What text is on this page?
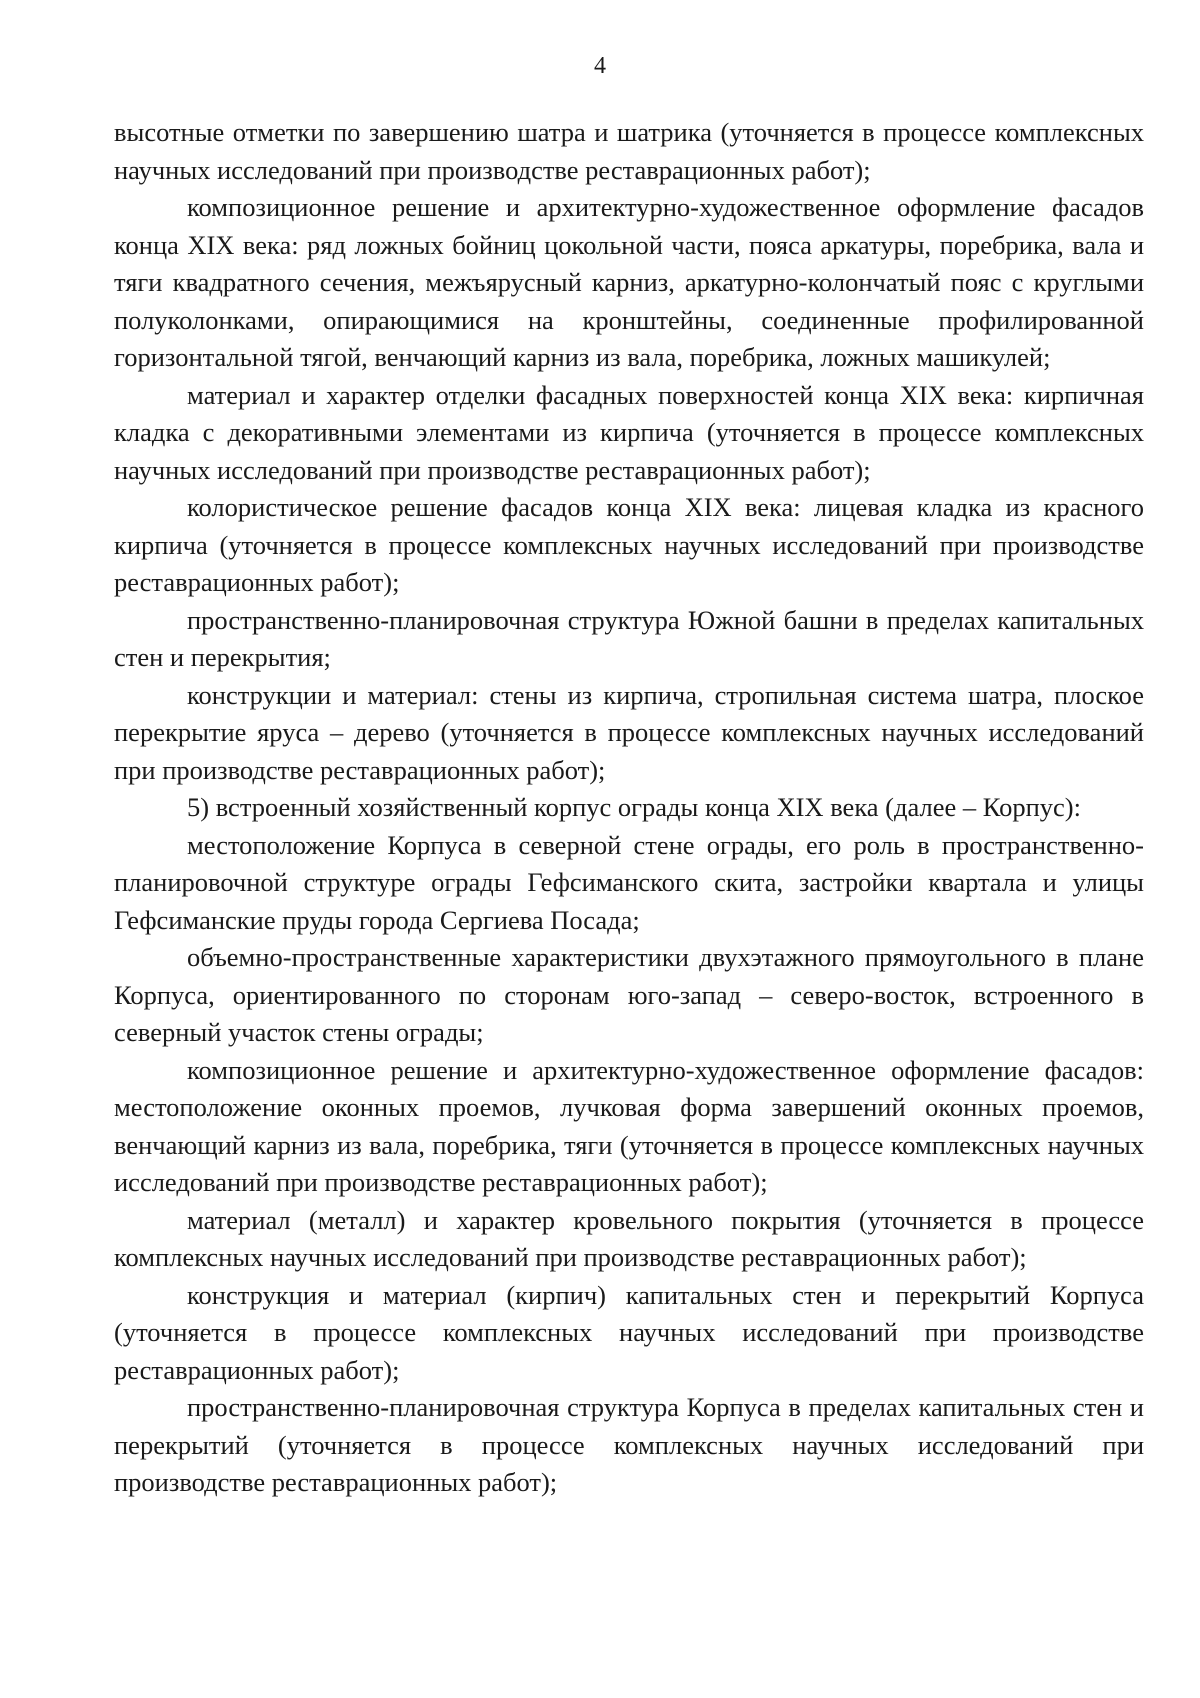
4

высотные отметки по завершению шатра и шатрика (уточняется в процессе комплексных научных исследований при производстве реставрационных работ);

композиционное решение и архитектурно-художественное оформление фасадов конца XIX века: ряд ложных бойниц цокольной части, пояса аркатуры, поребрика, вала и тяги квадратного сечения, межъярусный карниз, аркатурно-колончатый пояс с круглыми полуколонками, опирающимися на кронштейны, соединенные профилированной горизонтальной тягой, венчающий карниз из вала, поребрика, ложных машикулей;

материал и характер отделки фасадных поверхностей конца XIX века: кирпичная кладка с декоративными элементами из кирпича (уточняется в процессе комплексных научных исследований при производстве реставрационных работ);

колористическое решение фасадов конца XIX века: лицевая кладка из красного кирпича (уточняется в процессе комплексных научных исследований при производстве реставрационных работ);

пространственно-планировочная структура Южной башни в пределах капитальных стен и перекрытия;

конструкции и материал: стены из кирпича, стропильная система шатра, плоское перекрытие яруса – дерево (уточняется в процессе комплексных научных исследований при производстве реставрационных работ);

5) встроенный хозяйственный корпус ограды конца XIX века (далее – Корпус):

местоположение Корпуса в северной стене ограды, его роль в пространственно-планировочной структуре ограды Гефсиманского скита, застройки квартала и улицы Гефсиманские пруды города Сергиева Посада;

объемно-пространственные характеристики двухэтажного прямоугольного в плане Корпуса, ориентированного по сторонам юго-запад – северо-восток, встроенного в северный участок стены ограды;

композиционное решение и архитектурно-художественное оформление фасадов: местоположение оконных проемов, лучковая форма завершений оконных проемов, венчающий карниз из вала, поребрика, тяги (уточняется в процессе комплексных научных исследований при производстве реставрационных работ);

материал (металл) и характер кровельного покрытия (уточняется в процессе комплексных научных исследований при производстве реставрационных работ);

конструкция и материал (кирпич) капитальных стен и перекрытий Корпуса (уточняется в процессе комплексных научных исследований при производстве реставрационных работ);

пространственно-планировочная структура Корпуса в пределах капитальных стен и перекрытий (уточняется в процессе комплексных научных исследований при производстве реставрационных работ);
